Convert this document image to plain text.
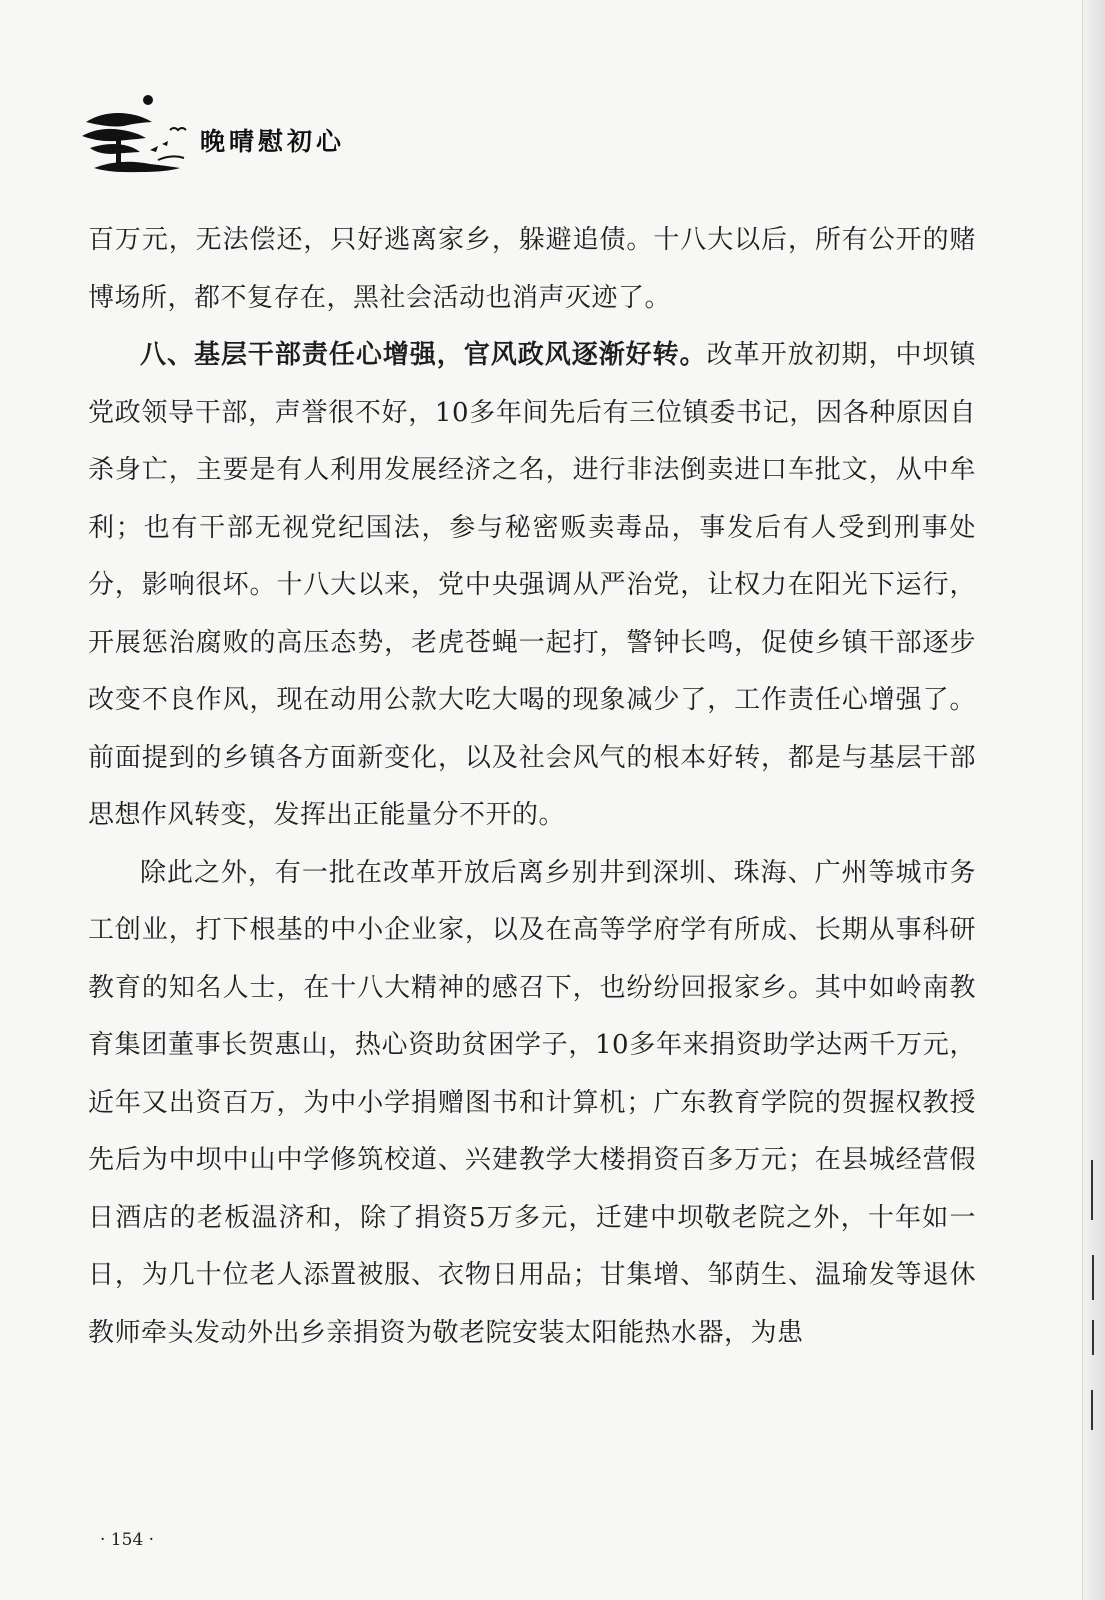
晚晴慰初心

百万元，无法偿还，只好逃离家乡，躲避追债。十八大以后，所有公开的赌博场所，都不复存在，黑社会活动也消声灭迹了。

八、基层干部责任心增强，官风政风逐渐好转。改革开放初期，中坝镇党政领导干部，声誉很不好，10多年间先后有三位镇委书记，因各种原因自杀身亡，主要是有人利用发展经济之名，进行非法倒卖进口车批文，从中牟利；也有干部无视党纪国法，参与秘密贩卖毒品，事发后有人受到刑事处分，影响很坏。十八大以来，党中央强调从严治党，让权力在阳光下运行，开展惩治腐败的高压态势，老虎苍蝇一起打，警钟长鸣，促使乡镇干部逐步改变不良作风，现在动用公款大吃大喝的现象减少了，工作责任心增强了。前面提到的乡镇各方面新变化，以及社会风气的根本好转，都是与基层干部思想作风转变，发挥出正能量分不开的。

除此之外，有一批在改革开放后离乡别井到深圳、珠海、广州等城市务工创业，打下根基的中小企业家，以及在高等学府学有所成、长期从事科研教育的知名人士，在十八大精神的感召下，也纷纷回报家乡。其中如岭南教育集团董事长贺惠山，热心资助贫困学子，10多年来捐资助学达两千万元，近年又出资百万，为中小学捐赠图书和计算机；广东教育学院的贺握权教授先后为中坝中山中学修筑校道、兴建教学大楼捐资百多万元；在县城经营假日酒店的老板温济和，除了捐资5万多元，迁建中坝敬老院之外，十年如一日，为几十位老人添置被服、衣物日用品；甘集增、邹荫生、温瑜发等退休教师牵头发动外出乡亲捐资为敬老院安装太阳能热水器，为患

· 154 ·
